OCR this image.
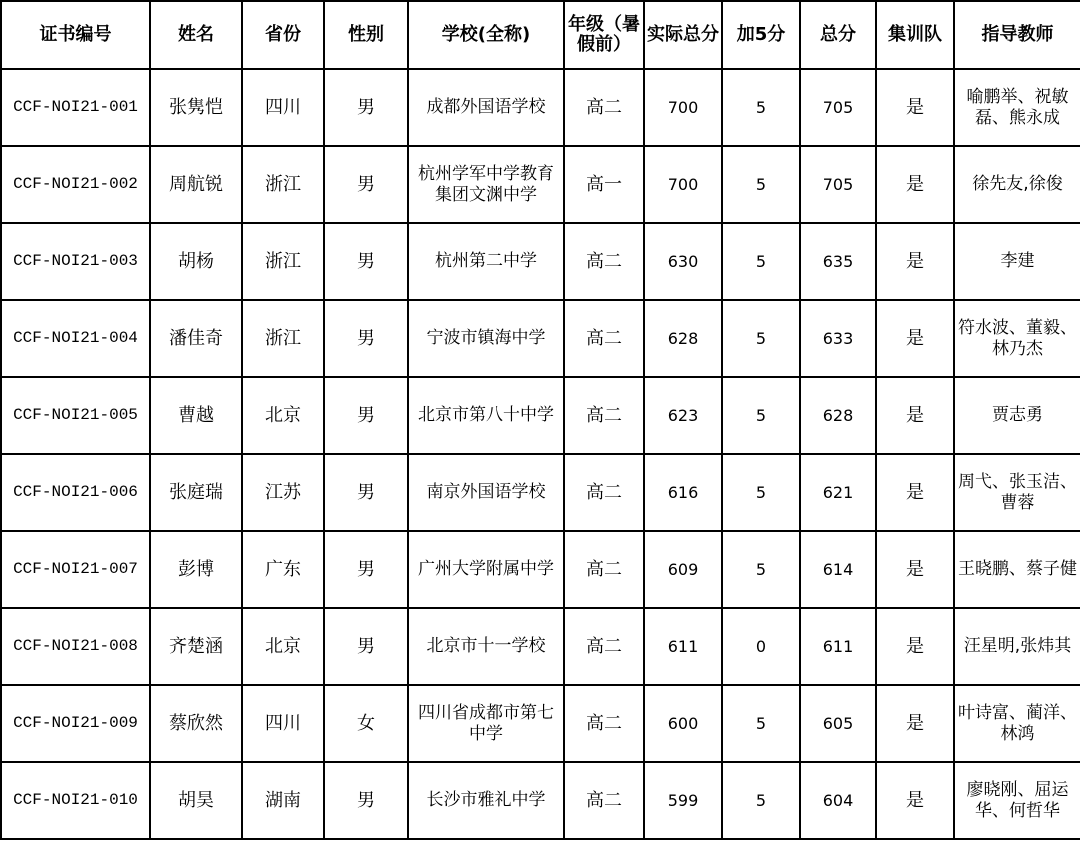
证书编号	姓名	省份	性别	学校(全称)	年级（暑假前）	实际总分	加5分	总分	集训队	指导教师
CCF-NOI21-001	张隽恺	四川	男	成都外国语学校	高二	700	5	705	是	喻鹏举、祝敏磊、熊永成
CCF-NOI21-002	周航锐	浙江	男	杭州学军中学教育集团文渊中学	高一	700	5	705	是	徐先友,徐俊
CCF-NOI21-003	胡杨	浙江	男	杭州第二中学	高二	630	5	635	是	李建
CCF-NOI21-004	潘佳奇	浙江	男	宁波市镇海中学	高二	628	5	633	是	符水波、董毅、林乃杰
CCF-NOI21-005	曹越	北京	男	北京市第八十中学	高二	623	5	628	是	贾志勇
CCF-NOI21-006	张庭瑞	江苏	男	南京外国语学校	高二	616	5	621	是	周弋、张玉洁、曹蓉
CCF-NOI21-007	彭博	广东	男	广州大学附属中学	高二	609	5	614	是	王晓鹏、蔡子健
CCF-NOI21-008	齐楚涵	北京	男	北京市十一学校	高二	611	0	611	是	汪星明,张炜其
CCF-NOI21-009	蔡欣然	四川	女	四川省成都市第七中学	高二	600	5	605	是	叶诗富、蔺洋、林鸿
CCF-NOI21-010	胡昊	湖南	男	长沙市雅礼中学	高二	599	5	604	是	廖晓刚、屈运华、何哲华
